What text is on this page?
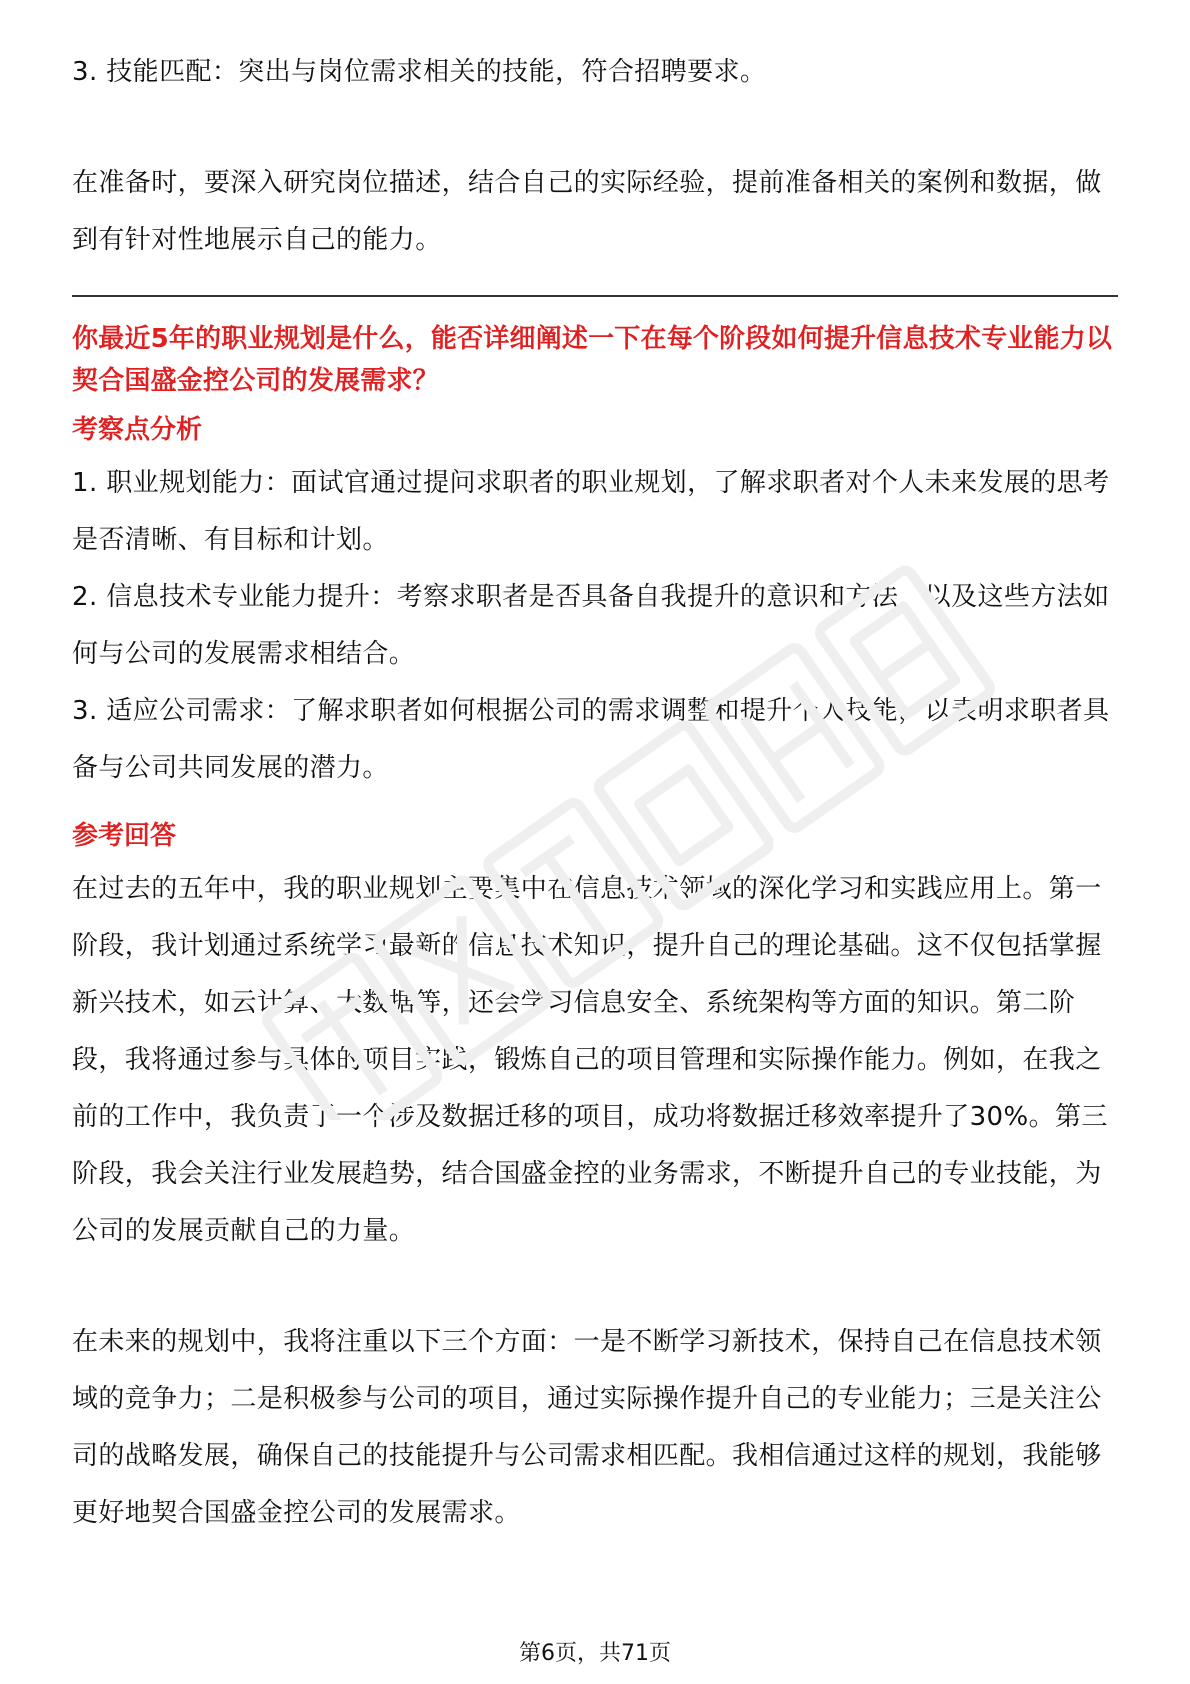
3. 技能匹配：突出与岗位需求相关的技能，符合招聘要求。

在准备时，要深入研究岗位描述，结合自己的实际经验，提前准备相关的案例和数据，做到有针对性地展示自己的能力。

你最近5年的职业规划是什么，能否详细阐述一下在每个阶段如何提升信息技术专业能力以契合国盛金控公司的发展需求？

考察点分析

1. 职业规划能力：面试官通过提问求职者的职业规划，了解求职者对个人未来发展的思考是否清晰、有目标和计划。

2. 信息技术专业能力提升：考察求职者是否具备自我提升的意识和方法，以及这些方法如何与公司的发展需求相结合。

3. 适应公司需求：了解求职者如何根据公司的需求调整和提升个人技能，以表明求职者具备与公司共同发展的潜力。

参考回答

在过去的五年中，我的职业规划主要集中在信息技术领域的深化学习和实践应用上。第一阶段，我计划通过系统学习最新的信息技术知识，提升自己的理论基础。这不仅包括掌握新兴技术，如云计算、大数据等，还会学习信息安全、系统架构等方面的知识。第二阶段，我将通过参与具体的项目实践，锻炼自己的项目管理和实际操作能力。例如，在我之前的工作中，我负责了一个涉及数据迁移的项目，成功将数据迁移效率提升了30%。第三阶段，我会关注行业发展趋势，结合国盛金控的业务需求，不断提升自己的专业技能，为公司的发展贡献自己的力量。

在未来的规划中，我将注重以下三个方面：一是不断学习新技术，保持自己在信息技术领域的竞争力；二是积极参与公司的项目，通过实际操作提升自己的专业能力；三是关注公司的战略发展，确保自己的技能提升与公司需求相匹配。我相信通过这样的规划，我能够更好地契合国盛金控公司的发展需求。

第6页，共71页
